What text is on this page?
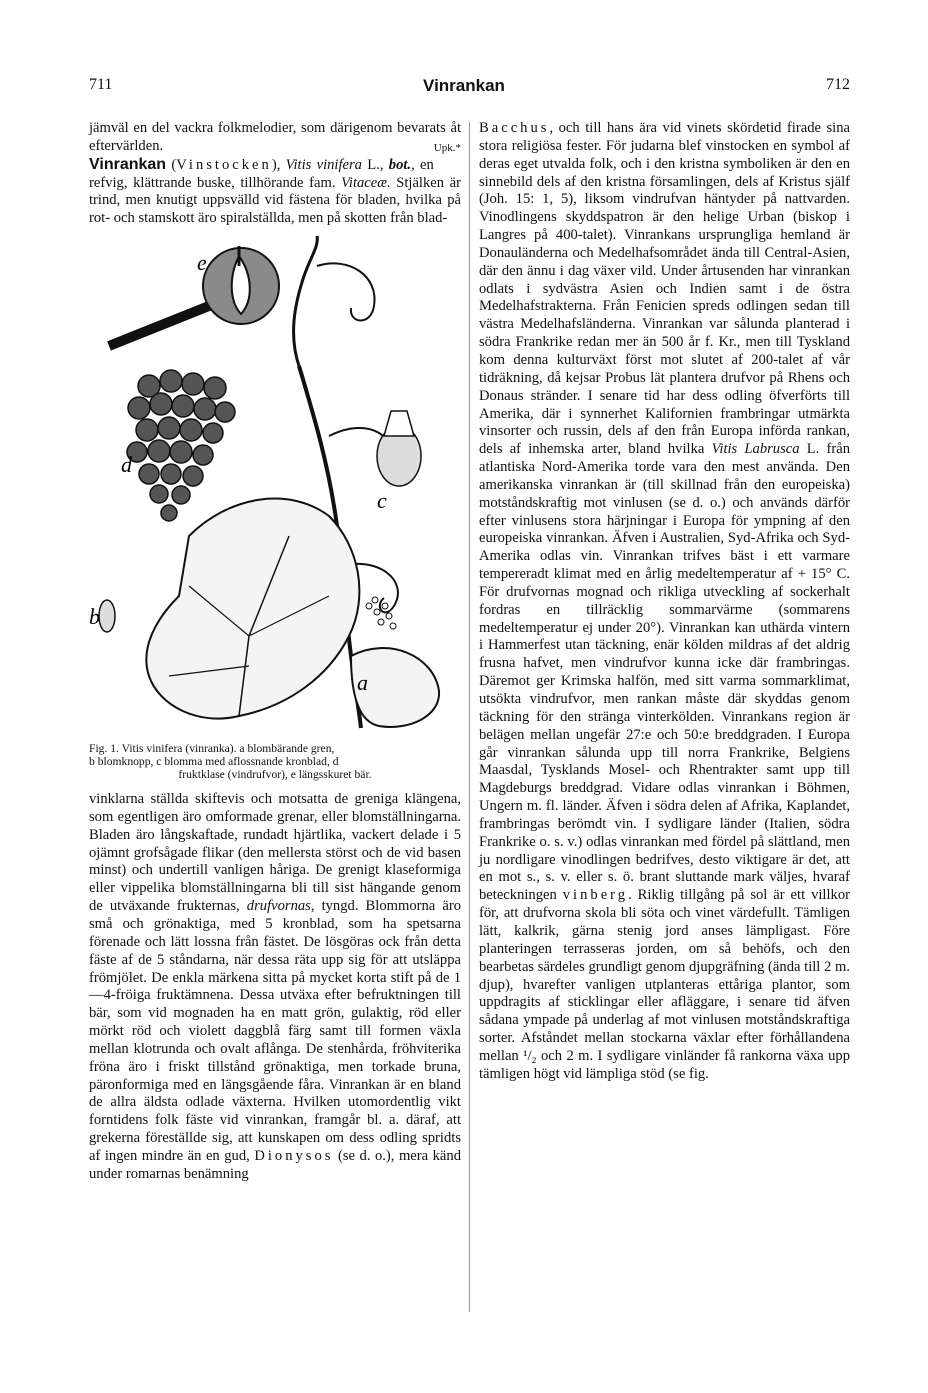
711	Vinrankan	712

jämväl en del vackra folkmelodier, som därigenom bevarats åt eftervärlden.	Upk.*

Vinrankan (Vinstocken), Vitis vinifera L., bot., en refvig, klättrande buske, tillhörande fam. Vitaceæ. Stjälken är trind, men knutigt uppsvälld vid fästena för bladen, hvilka på rot- och stamskott äro spiralställda, men på skotten från blad-

e
d
c
b
a
Fig. 1. Vitis vinifera (vinranka). a blombärande gren,
b blomknopp, c blomma med aflossnande kronblad, d
fruktklase (vindrufvor), e längsskuret bär.

vinklarna ställda skiftevis och motsatta de greniga klängena, som egentligen äro omformade grenar, eller blomställningarna. Bladen äro långskaftade, rundadt hjärtlika, vackert delade i 5 ojämnt grofsågade flikar (den mellersta störst och de vid basen minst) och undertill vanligen håriga. De grenigt klaseformiga eller vippelika blomställningarna bli till sist hängande genom de utväxande frukternas, drufvornas, tyngd. Blommorna äro små och grönaktiga, med 5 kronblad, som ha spetsarna förenade och lätt lossna från fästet. De lösgöras ock från detta fäste af de 5 ståndarna, när dessa räta upp sig för att utsläppa frömjölet. De enkla märkena sitta på mycket korta stift på de 1—4-fröiga fruktämnena. Dessa utväxa efter befruktningen till bär, som vid mognaden ha en matt grön, gulaktig, röd eller mörkt röd och violett daggblå färg samt till formen växla mellan klotrunda och ovalt aflånga. De stenhårda, fröhviterika fröna äro i friskt tillstånd grönaktiga, men torkade bruna, päronformiga med en längsgående fåra. Vinrankan är en bland de allra äldsta odlade växterna. Hvilken utomordentlig vikt forntidens folk fäste vid vinrankan, framgår bl. a. däraf, att grekerna föreställde sig, att kunskapen om dess odling spridts af ingen mindre än en gud, Dionysos (se d. o.), mera känd under romarnas benämning

Bacchus, och till hans ära vid vinets skördetid firade sina stora religiösa fester. För judarna blef vinstocken en symbol af deras eget utvalda folk, och i den kristna symboliken är den en sinnebild dels af den kristna församlingen, dels af Kristus själf (Joh. 15: 1, 5), liksom vindrufvan häntyder på nattvarden. Vinodlingens skyddspatron är den helige Urban (biskop i Langres på 400-talet). Vinrankans ursprungliga hemland är Donauländerna och Medelhafsområdet ända till Central-Asien, där den ännu i dag växer vild. Under årtusenden har vinrankan odlats i sydvästra Asien och Indien samt i de östra Medelhafstrakterna. Från Fenicien spreds odlingen sedan till västra Medelhafsländerna. Vinrankan var sålunda planterad i södra Frankrike redan mer än 500 år f. Kr., men till Tyskland kom denna kulturväxt först mot slutet af 200-talet af vår tidräkning, då kejsar Probus lät plantera drufvor på Rhens och Donaus stränder. I senare tid har dess odling öfverförts till Amerika, där i synnerhet Kalifornien frambringar utmärkta vinsorter och russin, dels af den från Europa införda rankan, dels af inhemska arter, bland hvilka Vitis Labrusca L. från atlantiska Nord-Amerika torde vara den mest använda. Den amerikanska vinrankan är (till skillnad från den europeiska) motståndskraftig mot vinlusen (se d. o.) och används därför efter vinlusens stora härjningar i Europa för ympning af den europeiska vinrankan. Äfven i Australien, Syd-Afrika och Syd-Amerika odlas vin. Vinrankan trifves bäst i ett varmare tempereradt klimat med en årlig medeltemperatur af + 15° C. För drufvornas mognad och rikliga utveckling af sockerhalt fordras en tillräcklig sommarvärme (sommarens medeltemperatur ej under 20°). Vinrankan kan uthärda vintern i Hammerfest utan täckning, enär kölden mildras af det aldrig frusna hafvet, men vindrufvor kunna icke där frambringas. Däremot ger Krimska halfön, med sitt varma sommarklimat, utsökta vindrufvor, men rankan måste där skyddas genom täckning för den stränga vinterkölden. Vinrankans region är belägen mellan ungefär 27:e och 50:e breddgraden. I Europa går vinrankan sålunda upp till norra Frankrike, Belgiens Maasdal, Tysklands Mosel- och Rhentrakter samt upp till Magdeburgs breddgrad. Vidare odlas vinrankan i Böhmen, Ungern m. fl. länder. Äfven i södra delen af Afrika, Kaplandet, frambringas berömdt vin. I sydligare länder (Italien, södra Frankrike o. s. v.) odlas vinrankan med fördel på slättland, men ju nordligare vinodlingen bedrifves, desto viktigare är det, att en mot s., s. v. eller s. ö. brant sluttande mark väljes, hvaraf beteckningen vinberg. Riklig tillgång på sol är ett villkor för, att drufvorna skola bli söta och vinet värdefullt. Tämligen lätt, kalkrik, gärna stenig jord anses lämpligast. Före planteringen terrasseras jorden, om så behöfs, och den bearbetas särdeles grundligt genom djupgräfning (ända till 2 m. djup), hvarefter vanligen utplanteras ettåriga plantor, som uppdragits af sticklingar eller afläggare, i senare tid äfven sådana ympade på underlag af mot vinlusen motståndskraftiga sorter. Afståndet mellan stockarna växlar efter förhållandena mellan ¹/₂ och 2 m. I sydligare vinländer få rankorna växa upp tämligen högt vid lämpliga stöd (se fig.
